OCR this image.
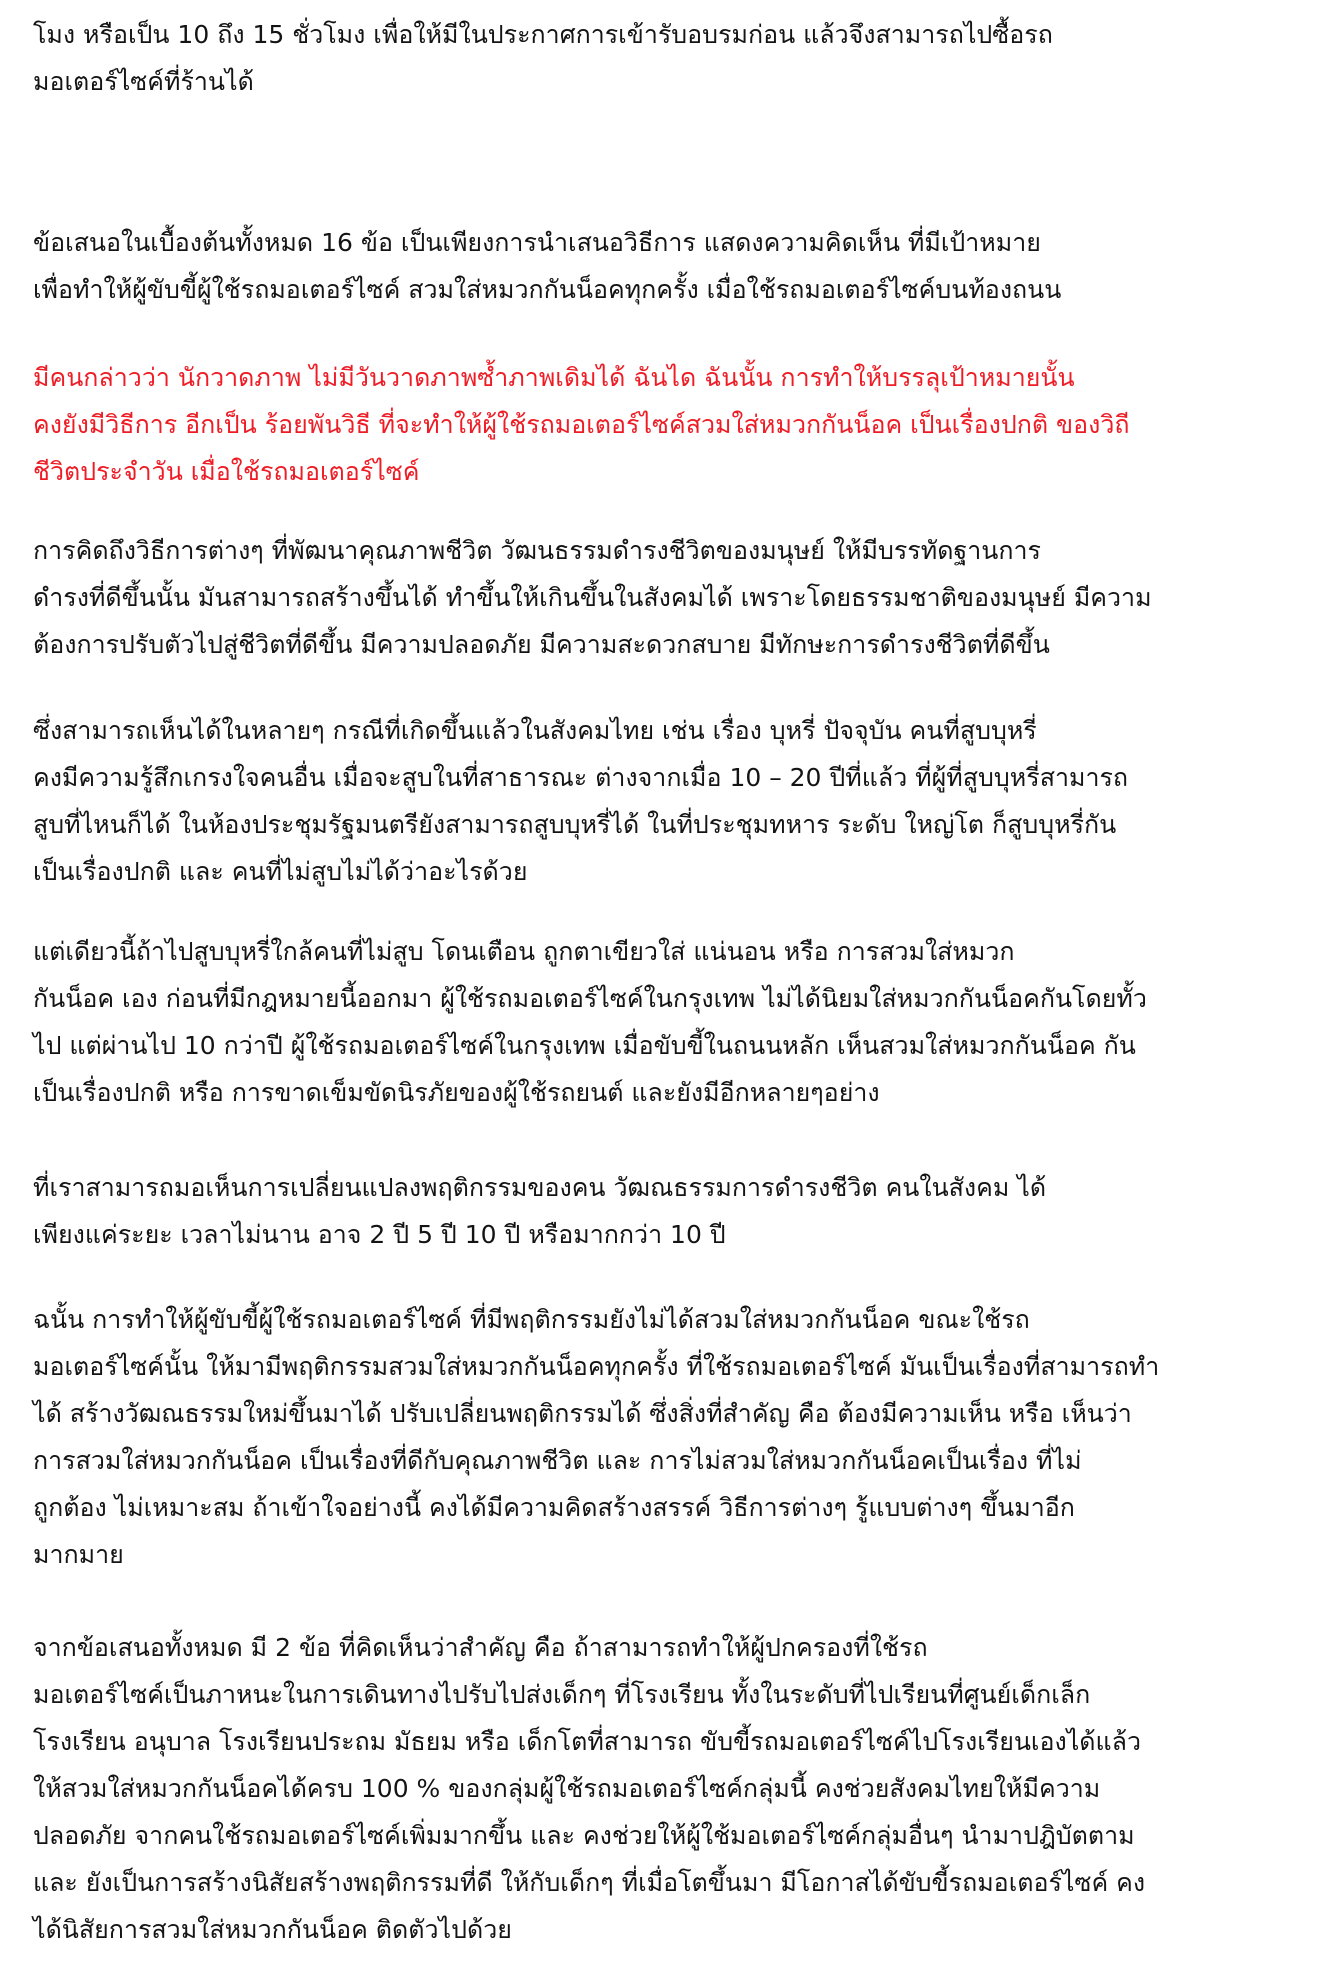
โมง หรือเป็น 10 ถึง 15 ชั่วโมง เพื่อให้มีในประกาศการเข้ารับอบรมก่อน แล้วจึงสามารถไปซื้อรถ
มอเตอร์ไซค์ที่ร้านได้
ข้อเสนอในเบื้องต้นทั้งหมด 16 ข้อ เป็นเพียงการนำเสนอวิธีการ แสดงความคิดเห็น ที่มีเป้าหมาย
เพื่อทำให้ผู้ขับขี้ผู้ใช้รถมอเตอร์ไซค์ สวมใส่หมวกกันน็อคทุกครั้ง เมื่อใช้รถมอเตอร์ไซค์บนท้องถนน
มีคนกล่าวว่า นักวาดภาพ ไม่มีวันวาดภาพซ้ำภาพเดิมได้ ฉันได ฉันนั้น การทำให้บรรลุเป้าหมายนั้น
คงยังมีวิธีการ อีกเป็น ร้อยพันวิธี ที่จะทำให้ผู้ใช้รถมอเตอร์ไซค์สวมใส่หมวกกันน็อค เป็นเรื่องปกติ ของวิถี
ชีวิตประจำวัน เมื่อใช้รถมอเตอร์ไซค์
การคิดถึงวิธีการต่างๆ ที่พัฒนาคุณภาพชีวิต วัฒนธรรมดำรงชีวิตของมนุษย์ ให้มีบรรทัดฐานการ
ดำรงที่ดีขึ้นนั้น มันสามารถสร้างขึ้นได้ ทำขึ้นให้เกินขึ้นในสังคมได้ เพราะโดยธรรมชาติของมนุษย์ มีความ
ต้องการปรับตัวไปสู่ชีวิตที่ดีขึ้น มีความปลอดภัย มีความสะดวกสบาย มีทักษะการดำรงชีวิตที่ดีขึ้น
ซึ่งสามารถเห็นได้ในหลายๆ กรณีที่เกิดขึ้นแล้วในสังคมไทย เช่น เรื่อง บุหรี่ ปัจจุบัน คนที่สูบบุหรี่
คงมีความรู้สึกเกรงใจคนอื่น เมื่อจะสูบในที่สาธารณะ ต่างจากเมื่อ 10 – 20 ปีที่แล้ว ที่ผู้ที่สูบบุหรี่สามารถ
สูบที่ไหนก็ได้ ในห้องประชุมรัฐมนตรียังสามารถสูบบุหรี่ได้ ในที่ประชุมทหาร ระดับ ใหญ่โต ก็สูบบุหรี่กัน
เป็นเรื่องปกติ และ คนที่ไม่สูบไม่ได้ว่าอะไรด้วย
แต่เดียวนี้ถ้าไปสูบบุหรี่ใกล้คนที่ไม่สูบ โดนเตือน ถูกตาเขียวใส่ แน่นอน หรือ การสวมใส่หมวก
กันน็อค เอง ก่อนที่มีกฎหมายนี้ออกมา ผู้ใช้รถมอเตอร์ไซค์ในกรุงเทพ ไม่ได้นิยมใส่หมวกกันน็อคกันโดยทั้ว
ไป แต่ผ่านไป 10 กว่าปี ผู้ใช้รถมอเตอร์ไซค์ในกรุงเทพ เมื่อขับขี้ในถนนหลัก เห็นสวมใส่หมวกกันน็อค กัน
เป็นเรื่องปกติ หรือ การขาดเข็มขัดนิรภัยของผู้ใช้รถยนต์ และยังมีอีกหลายๆอย่าง
ที่เราสามารถมอเห็นการเปลี่ยนแปลงพฤติกรรมของคน วัฒณธรรมการดำรงชีวิต คนในสังคม ได้
เพียงแค่ระยะ เวลาไม่นาน อาจ 2 ปี 5 ปี 10 ปี หรือมากกว่า 10 ปี
ฉนั้น การทำให้ผู้ขับขี้ผู้ใช้รถมอเตอร์ไซค์ ที่มีพฤติกรรมยังไม่ได้สวมใส่หมวกกันน็อค ขณะใช้รถ
มอเตอร์ไซค์นั้น ให้มามีพฤติกรรมสวมใส่หมวกกันน็อคทุกครั้ง ที่ใช้รถมอเตอร์ไซค์ มันเป็นเรื่องที่สามารถทำ
ได้ สร้างวัฒณธรรมใหม่ขึ้นมาได้ ปรับเปลี่ยนพฤติกรรมได้ ซึ่งสิ่งที่สำคัญ คือ ต้องมีความเห็น หรือ เห็นว่า
การสวมใส่หมวกกันน็อค เป็นเรื่องที่ดีกับคุณภาพชีวิต และ การไม่สวมใส่หมวกกันน็อคเป็นเรื่อง ที่ไม่
ถูกต้อง ไม่เหมาะสม ถ้าเข้าใจอย่างนี้ คงได้มีความคิดสร้างสรรค์ วิธีการต่างๆ รู้แบบต่างๆ ขึ้นมาอีก
มากมาย
จากข้อเสนอทั้งหมด มี 2 ข้อ ที่คิดเห็นว่าสำคัญ คือ ถ้าสามารถทำให้ผู้ปกครองที่ใช้รถ
มอเตอร์ไซค์เป็นภาหนะในการเดินทางไปรับไปส่งเด็กๆ ที่โรงเรียน ทั้งในระดับที่ไปเรียนที่ศูนย์เด็กเล็ก
โรงเรียน อนุบาล โรงเรียนประถม มัธยม หรือ เด็กโตที่สามารถ ขับขี้รถมอเตอร์ไซค์ไปโรงเรียนเองได้แล้ว
ให้สวมใส่หมวกกันน็อคได้ครบ 100 % ของกลุ่มผู้ใช้รถมอเตอร์ไซค์กลุ่มนี้ คงช่วยสังคมไทยให้มีความ
ปลอดภัย จากคนใช้รถมอเตอร์ไซค์เพิ่มมากขึ้น และ คงช่วยให้ผู้ใช้มอเตอร์ไซค์กลุ่มอื่นๆ นำมาปฎิบัตตาม
และ ยังเป็นการสร้างนิสัยสร้างพฤติกรรมที่ดี ให้กับเด็กๆ ที่เมื่อโตขึ้นมา มีโอกาสได้ขับขี้รถมอเตอร์ไซค์ คง
ได้นิสัยการสวมใส่หมวกกันน็อค ติดตัวไปด้วย
